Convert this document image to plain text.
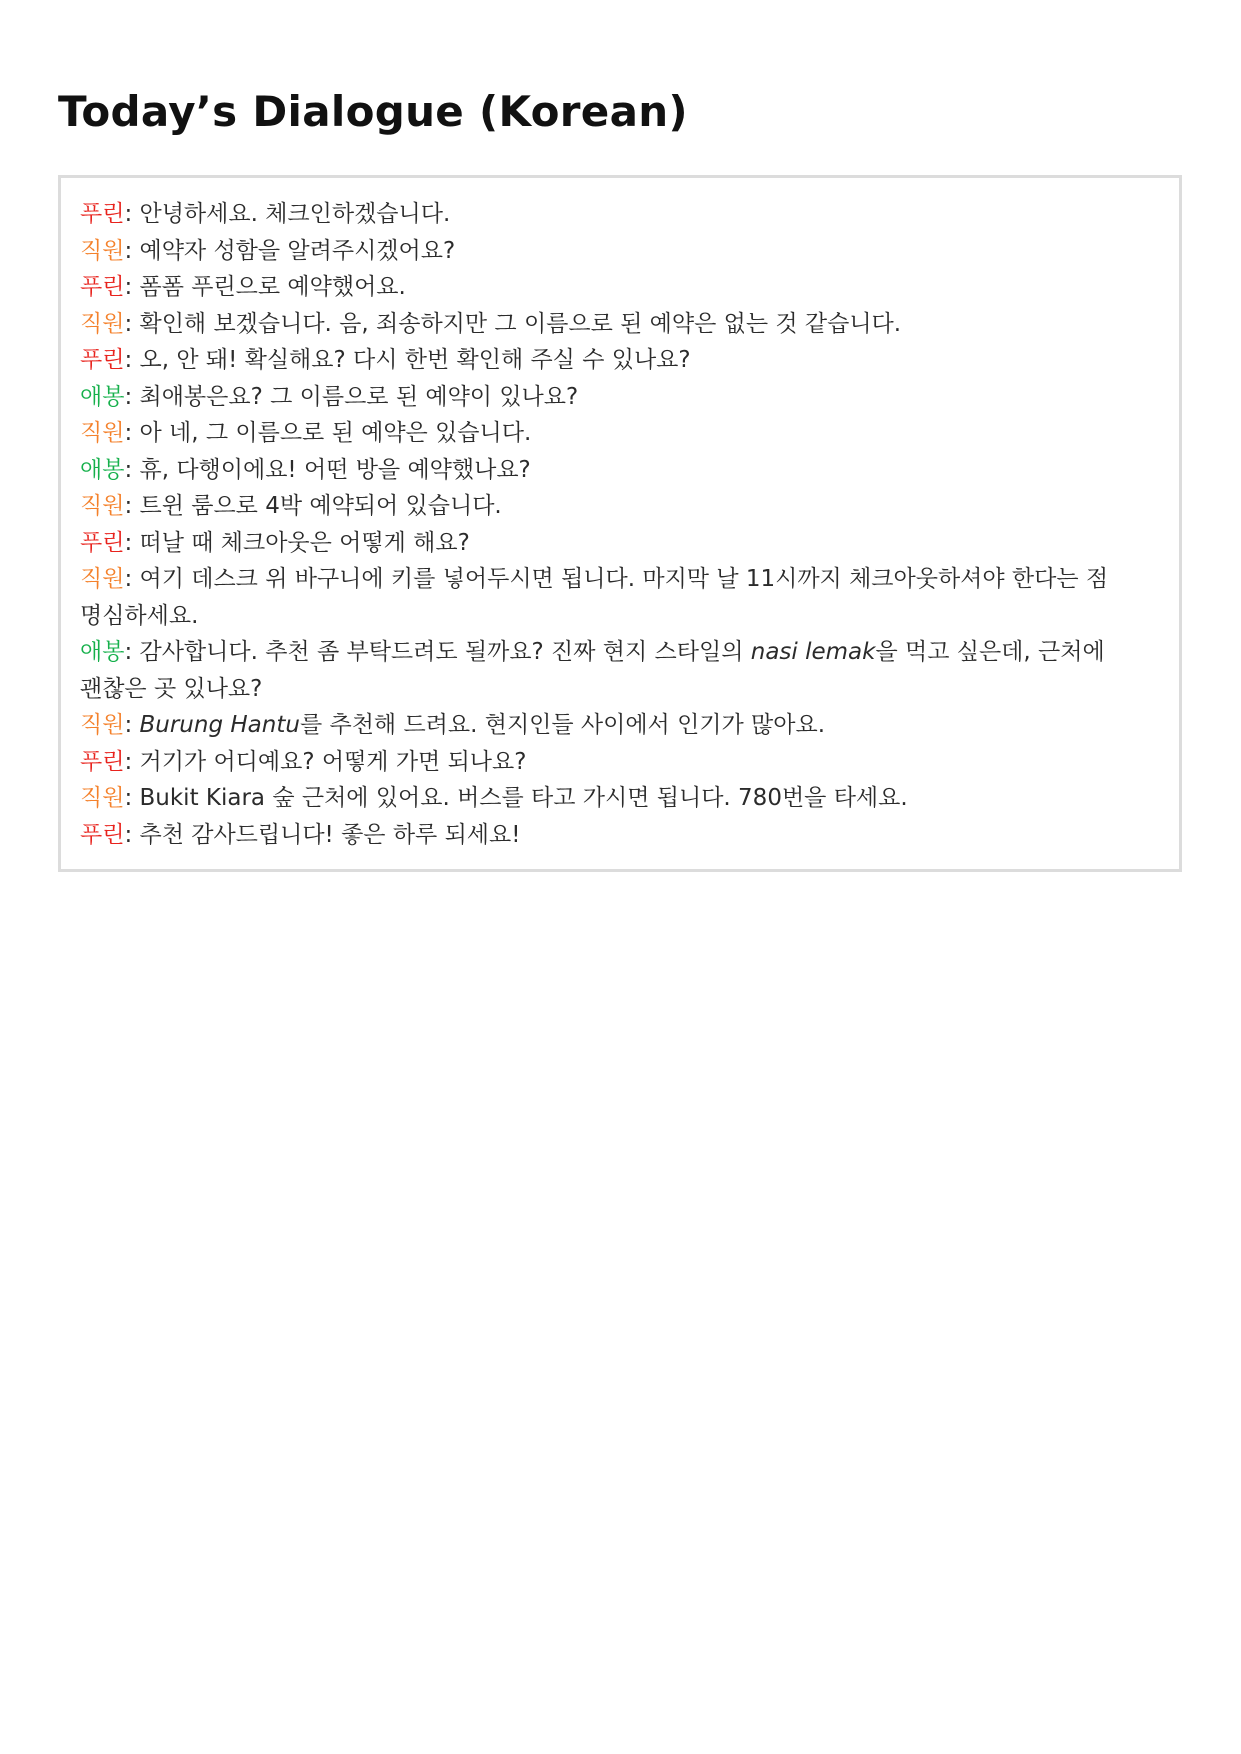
Today’s Dialogue (Korean)

푸린: 안녕하세요. 체크인하겠습니다.

직원: 예약자 성함을 알려주시겠어요?

푸린: 폼폼 푸린으로 예약했어요.

직원: 확인해 보겠습니다. 음, 죄송하지만 그 이름으로 된 예약은 없는 것 같습니다.

푸린: 오, 안 돼! 확실해요? 다시 한번 확인해 주실 수 있나요?

애봉: 최애봉은요? 그 이름으로 된 예약이 있나요?

직원: 아 네, 그 이름으로 된 예약은 있습니다.

애봉: 휴, 다행이에요! 어떤 방을 예약했나요?

직원: 트윈 룸으로 4박 예약되어 있습니다.

푸린: 떠날 때 체크아웃은 어떻게 해요?

직원: 여기 데스크 위 바구니에 키를 넣어두시면 됩니다. 마지막 날 11시까지 체크아웃하셔야 한다는 점 명심하세요.

애봉: 감사합니다. 추천 좀 부탁드려도 될까요? 진짜 현지 스타일의 nasi lemak을 먹고 싶은데, 근처에 괜찮은 곳 있나요?

직원: Burung Hantu를 추천해 드려요. 현지인들 사이에서 인기가 많아요.

푸린: 거기가 어디예요? 어떻게 가면 되나요?

직원: Bukit Kiara 숲 근처에 있어요. 버스를 타고 가시면 됩니다. 780번을 타세요.

푸린: 추천 감사드립니다! 좋은 하루 되세요!
